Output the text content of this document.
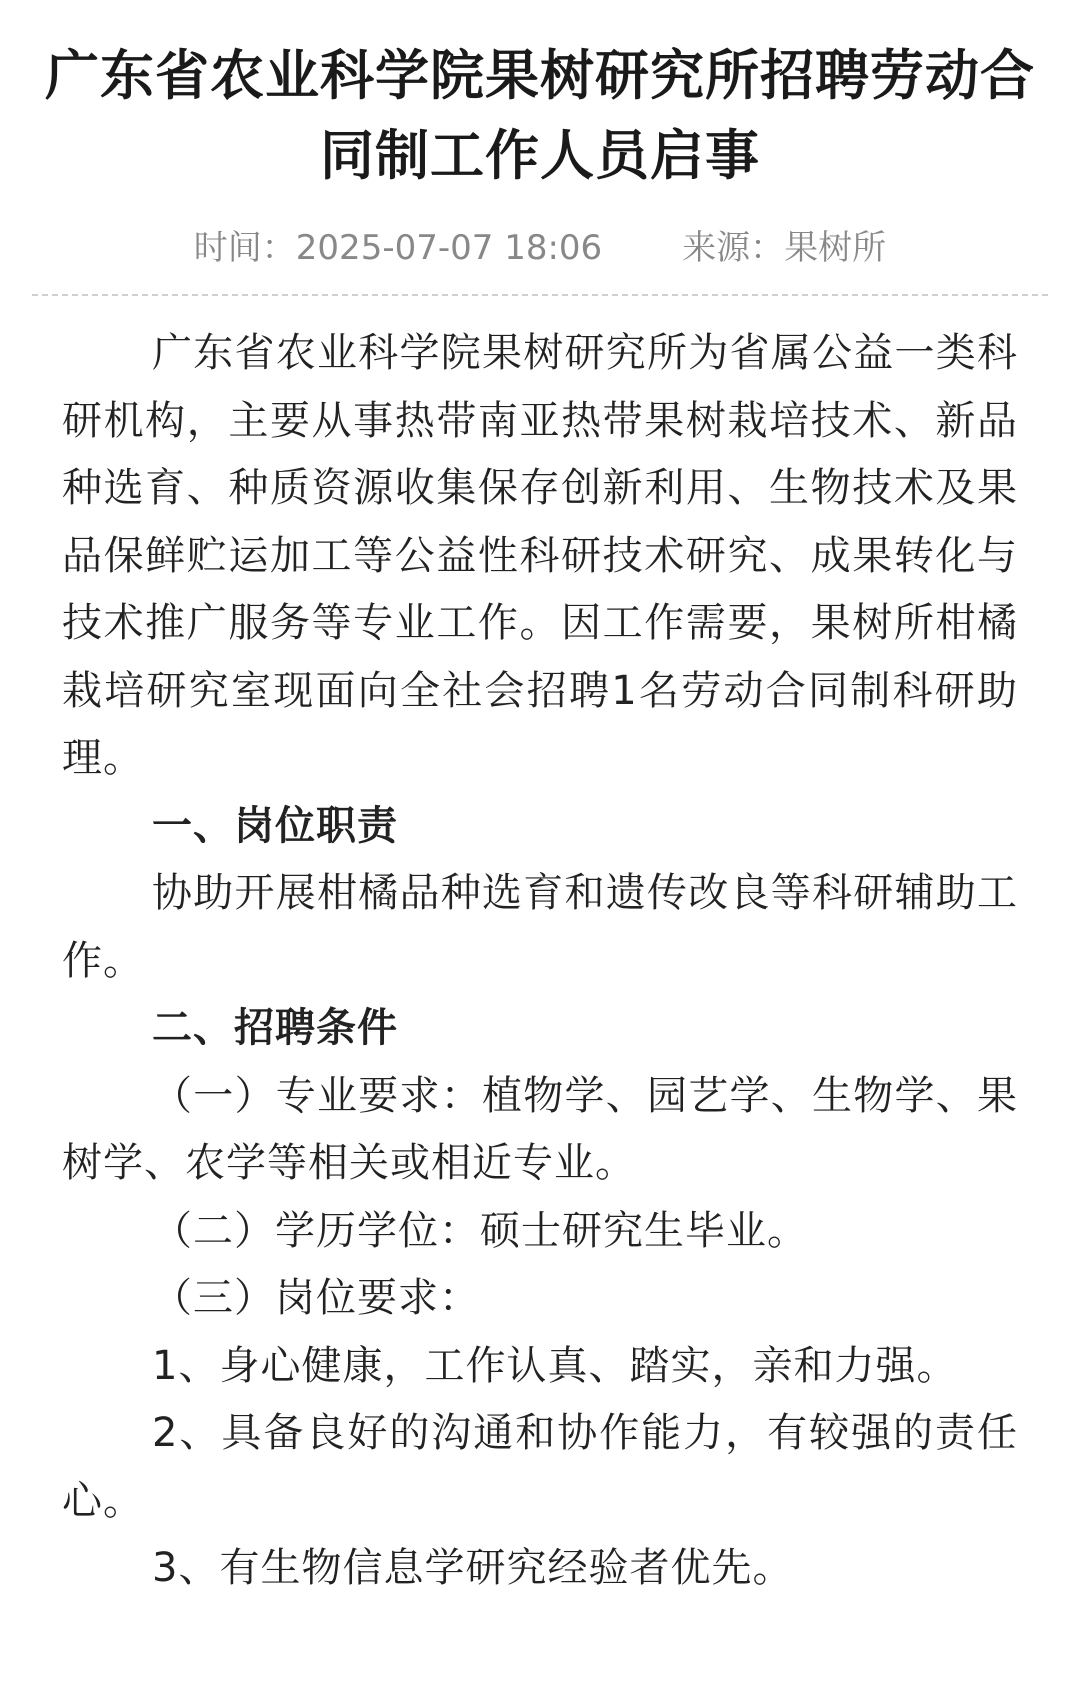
广东省农业科学院果树研究所招聘劳动合同制工作人员启事
时间：2025-07-07 18:06 来源：果树所

广东省农业科学院果树研究所为省属公益一类科研机构，主要从事热带南亚热带果树栽培技术、新品种选育、种质资源收集保存创新利用、生物技术及果品保鲜贮运加工等公益性科研技术研究、成果转化与技术推广服务等专业工作。因工作需要，果树所柑橘栽培研究室现面向全社会招聘1名劳动合同制科研助理。

一、岗位职责

协助开展柑橘品种选育和遗传改良等科研辅助工作。

二、招聘条件

（一）专业要求：植物学、园艺学、生物学、果树学、农学等相关或相近专业。

（二）学历学位：硕士研究生毕业。

（三）岗位要求：

1、身心健康，工作认真、踏实，亲和力强。

2、具备良好的沟通和协作能力，有较强的责任心。

3、有生物信息学研究经验者优先。
